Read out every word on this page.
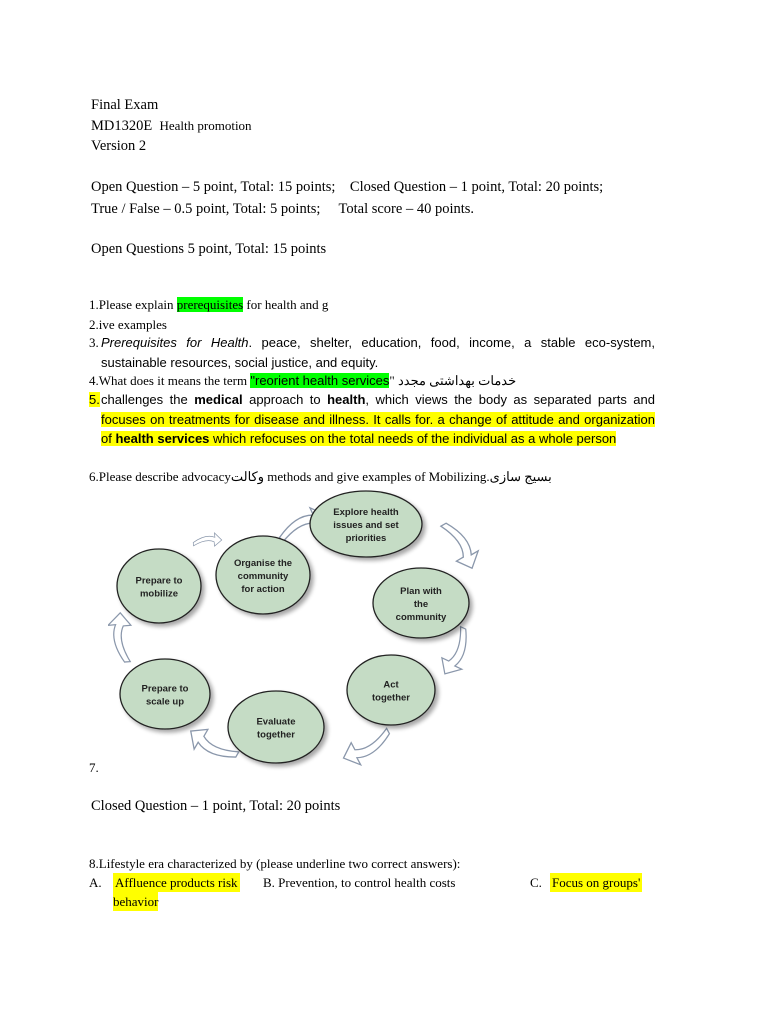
Final Exam
MD1320E Health promotion
Version 2
Open Question – 5 point, Total: 15 points; Closed Question – 1 point, Total: 20 points;
True / False – 0.5 point, Total: 5 points; Total score – 40 points.
Open Questions 5 point, Total: 15 points
1.Please explain prerequisites for health and g
2.ive examples
3. Prerequisites for Health. peace, shelter, education, food, income, a stable eco-system, sustainable resources, social justice, and equity.
4.What does it means the term "reorient health services" خدمات بهداشتی مجدد
5. challenges the medical approach to health, which views the body as separated parts and focuses on treatments for disease and illness. It calls for. a change of attitude and organization of health services which refocuses on the total needs of the individual as a whole person
6.Please describe advocacyوکالت methods and give examples of Mobilizing.بسیج سازی
Explore health
issues and set
priorities
Plan with
the
community
Act
together
Evaluate
together
Prepare to
scale up
Prepare to
mobilize
Organise the
community
for action
7.
Closed Question – 1 point, Total: 20 points
8.Lifestyle era characterized by (please underline two correct answers):
A. Affluence products risk B. Prevention, to control health costs	C. Focus on groups'
behavior
